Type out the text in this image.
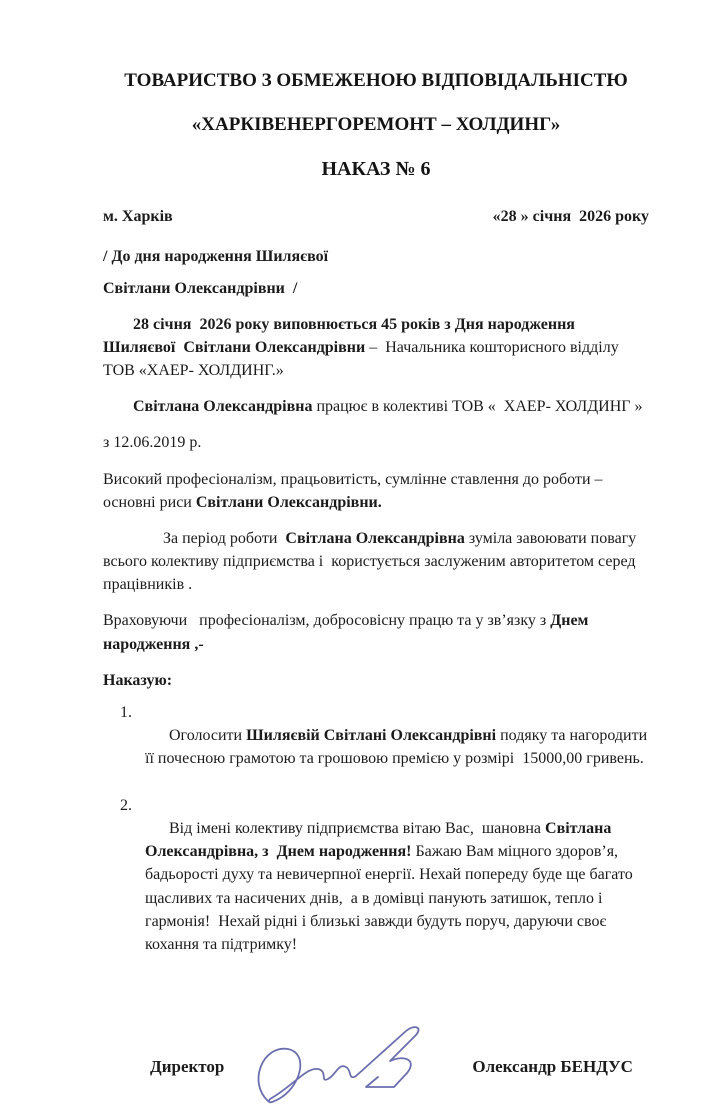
ТОВАРИСТВО З ОБМЕЖЕНОЮ ВІДПОВІДАЛЬНІСТЮ

«ХАРКІВЕНЕРГОРЕМОНТ – ХОЛДИНГ»

НАКАЗ № 6

м. Харків	«28 » січня  2026 року

/ До дня народження Шиляєвої

Світлани Олександрівни  /

28 січня  2026 року виповнюється 45 років з Дня народження Шиляєвої  Світлани Олександрівни –  Начальника кошторисного відділу ТОВ «ХАЕР- ХОЛДИНГ.»

Світлана Олександрівна працює в колективі ТОВ «  ХАЕР- ХОЛДИНГ »

з 12.06.2019 р.

Високий професіоналізм, працьовитість, сумлінне ставлення до роботи – основні риси Світлани Олександрівни.

За період роботи  Світлана Олександрівна зуміла завоювати повагу всього колективу підприємства і  користується заслуженим авторитетом серед працівників .

Враховуючи   професіоналізм, добросовісну працю та у зв’язку з Днем народження ,-

Наказую:

1.
Оголосити Шиляєвій Світлані Олександрівні подяку та нагородити її почесною грамотою та грошовою премією у розмірі  15000,00 гривень.

2.
Від імені колективу підприємства вітаю Вас,  шановна Світлана Олександрівна, з  Днем народження! Бажаю Вам міцного здоров’я, бадьорості духу та невичерпної енергії. Нехай попереду буде ще багато щасливих та насичених днів,  а в домівці панують затишок, тепло і гармонія!  Нехай рідні і близькі завжди будуть поруч, даруючи своє кохання та підтримку!

Директор	Олександр БЕНДУС
